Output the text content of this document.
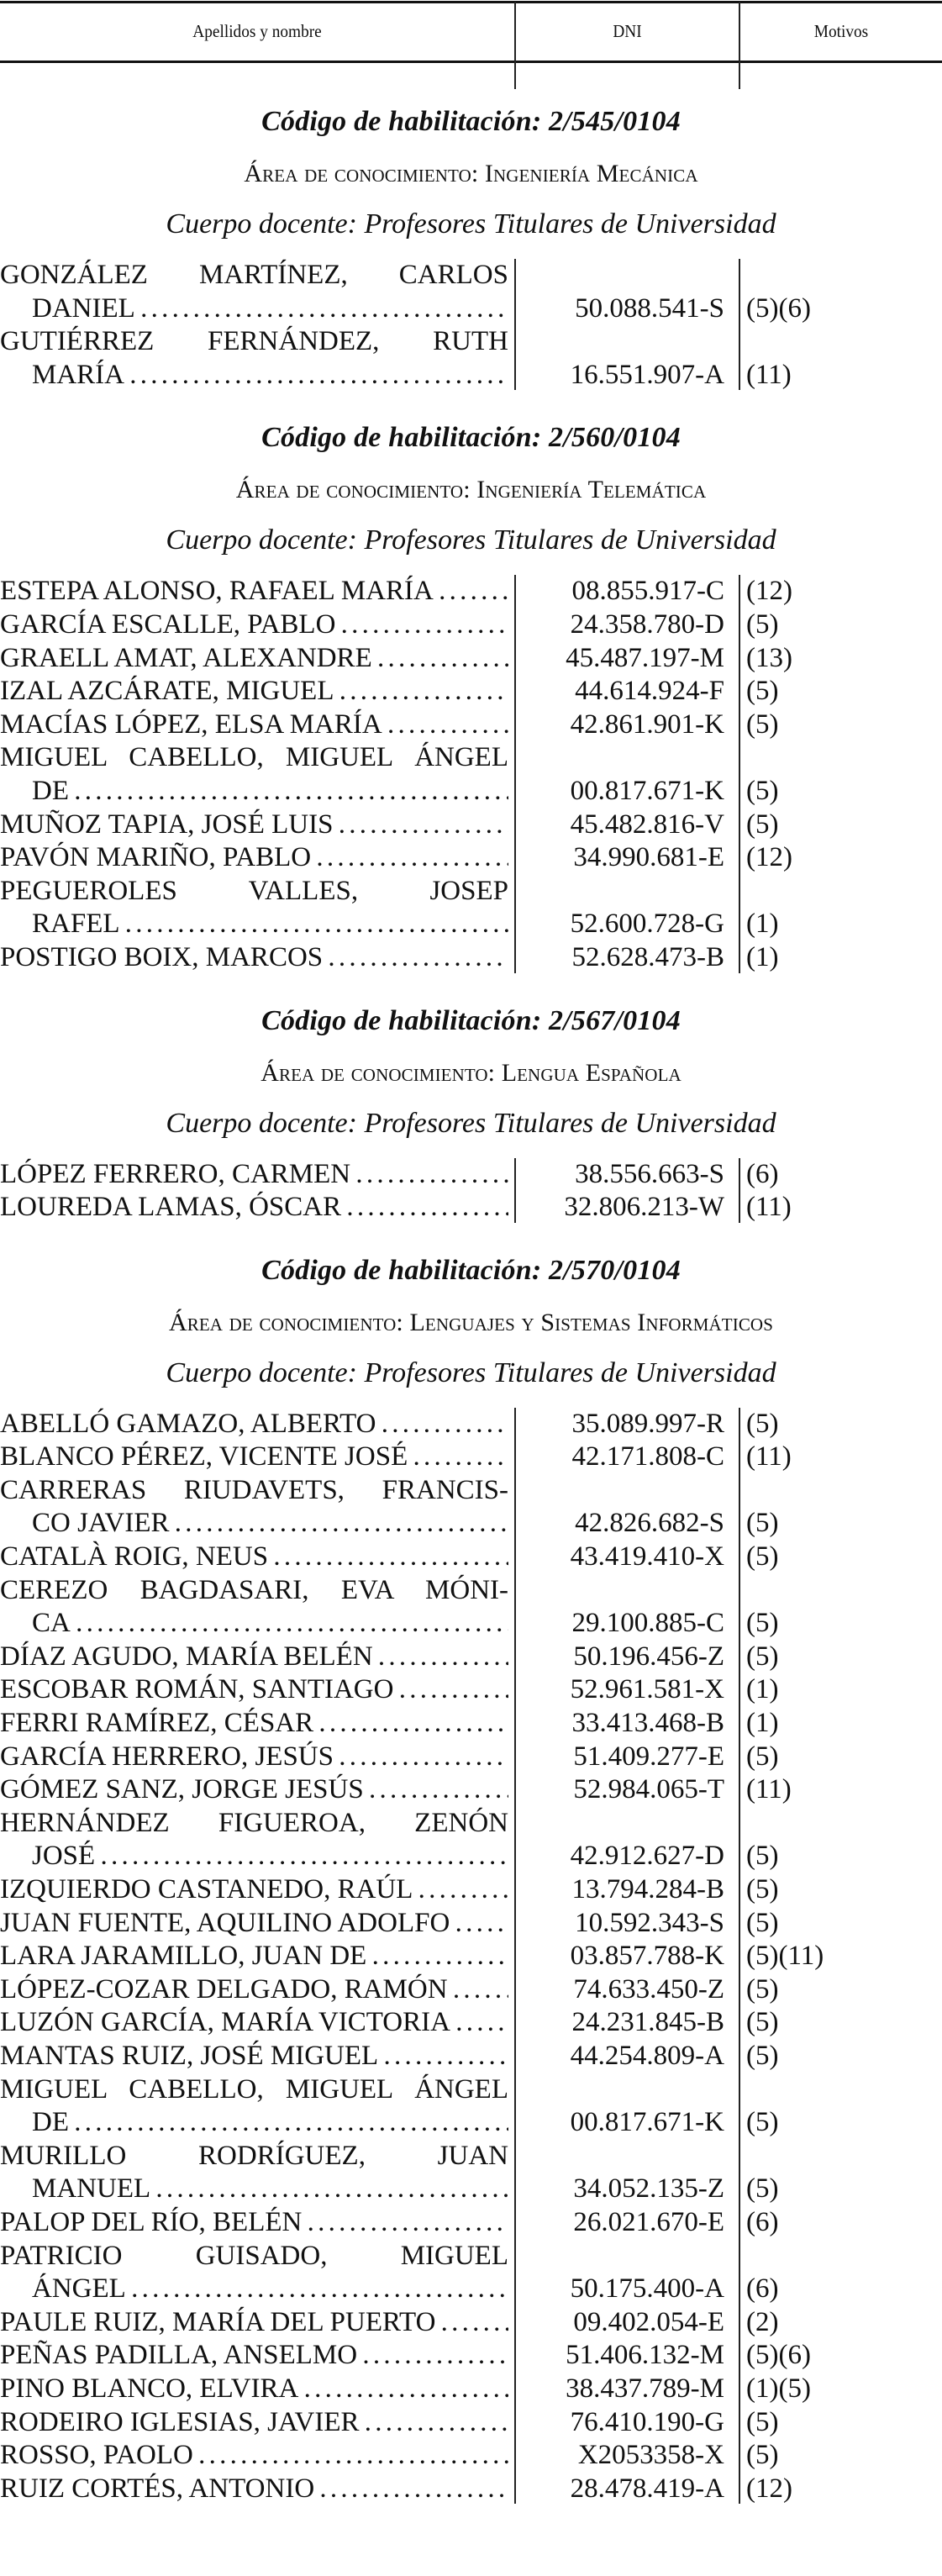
Apellidos y nombre	DNI	Motivos
Código de habilitación: 2/545/0104
Área de conocimiento: Ingeniería Mecánica
Cuerpo docente: Profesores Titulares de Universidad
GONZÁLEZ MARTÍNEZ, CARLOS
DANIEL . . .	50.088.541-S (5)(6)
GUTIÉRREZ FERNÁNDEZ, RUTH
MARÍA . . .	16.551.907-A (11)
Código de habilitación: 2/560/0104
Área de conocimiento: Ingeniería Telemática
Cuerpo docente: Profesores Titulares de Universidad
ESTEPA ALONSO, RAFAEL MARÍA . . .	08.855.917-C (12)
GARCÍA ESCALLE, PABLO . . .	24.358.780-D (5)
GRAELL AMAT, ALEXANDRE . . .	45.487.197-M (13)
IZAL AZCÁRATE, MIGUEL . . .	44.614.924-F (5)
MACÍAS LÓPEZ, ELSA MARÍA . . .	42.861.901-K (5)
MIGUEL CABELLO, MIGUEL ÁNGEL
DE . . .	00.817.671-K (5)
MUÑOZ TAPIA, JOSÉ LUIS . . .	45.482.816-V (5)
PAVÓN MARIÑO, PABLO . . .	34.990.681-E (12)
PEGUEROLES VALLES, JOSEP
RAFEL . . .	52.600.728-G (1)
POSTIGO BOIX, MARCOS . . .	52.628.473-B (1)
Código de habilitación: 2/567/0104
Área de conocimiento: Lengua Española
Cuerpo docente: Profesores Titulares de Universidad
LÓPEZ FERRERO, CARMEN . . .	38.556.663-S (6)
LOUREDA LAMAS, ÓSCAR . . .	32.806.213-W (11)
Código de habilitación: 2/570/0104
Área de conocimiento: Lenguajes y Sistemas Informáticos
Cuerpo docente: Profesores Titulares de Universidad
ABELLÓ GAMAZO, ALBERTO . . .	35.089.997-R (5)
BLANCO PÉREZ, VICENTE JOSÉ . . .	42.171.808-C (11)
CARRERAS RIUDAVETS, FRANCIS-
CO JAVIER . . .	42.826.682-S (5)
CATALÀ ROIG, NEUS . . .	43.419.410-X (5)
CEREZO BAGDASARI, EVA MÓNI-
CA . . .	29.100.885-C (5)
DÍAZ AGUDO, MARÍA BELÉN . . .	50.196.456-Z (5)
ESCOBAR ROMÁN, SANTIAGO . . .	52.961.581-X (1)
FERRI RAMÍREZ, CÉSAR . . .	33.413.468-B (1)
GARCÍA HERRERO, JESÚS . . .	51.409.277-E (5)
GÓMEZ SANZ, JORGE JESÚS . . .	52.984.065-T (11)
HERNÁNDEZ FIGUEROA, ZENÓN
JOSÉ . . .	42.912.627-D (5)
IZQUIERDO CASTANEDO, RAÚL . . .	13.794.284-B (5)
JUAN FUENTE, AQUILINO ADOLFO . . .	10.592.343-S (5)
LARA JARAMILLO, JUAN DE . . .	03.857.788-K (5)(11)
LÓPEZ-COZAR DELGADO, RAMÓN . . .	74.633.450-Z (5)
LUZÓN GARCÍA, MARÍA VICTORIA . . .	24.231.845-B (5)
MANTAS RUIZ, JOSÉ MIGUEL . . .	44.254.809-A (5)
MIGUEL CABELLO, MIGUEL ÁNGEL
DE . . .	00.817.671-K (5)
MURILLO RODRÍGUEZ, JUAN
MANUEL . . .	34.052.135-Z (5)
PALOP DEL RÍO, BELÉN . . .	26.021.670-E (6)
PATRICIO GUISADO, MIGUEL
ÁNGEL . . .	50.175.400-A (6)
PAULE RUIZ, MARÍA DEL PUERTO . . .	09.402.054-E (2)
PEÑAS PADILLA, ANSELMO . . .	51.406.132-M (5)(6)
PINO BLANCO, ELVIRA . . .	38.437.789-M (1)(5)
RODEIRO IGLESIAS, JAVIER . . .	76.410.190-G (5)
ROSSO, PAOLO . . .	X2053358-X (5)
RUIZ CORTÉS, ANTONIO . . .	28.478.419-A (12)
